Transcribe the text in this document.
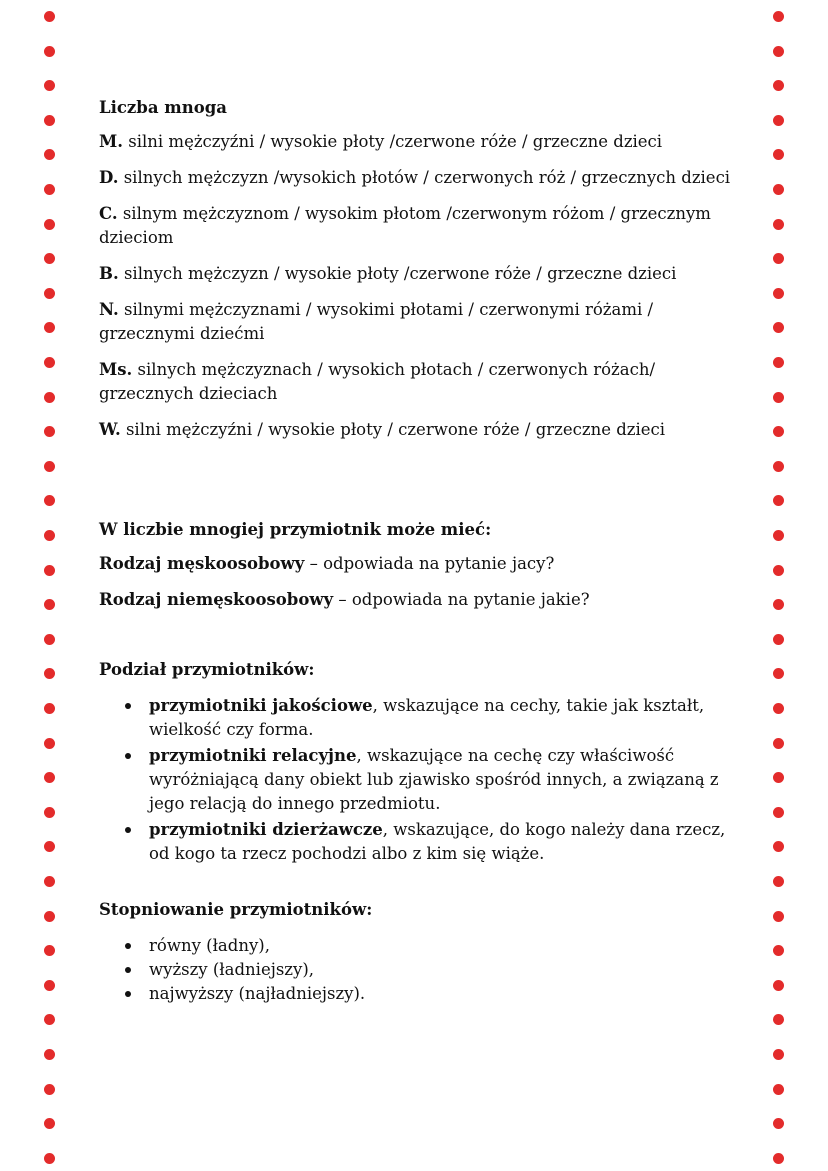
Liczba mnoga

M. silni mężczyźni / wysokie płoty /czerwone róże / grzeczne dzieci

D. silnych mężczyzn /wysokich płotów / czerwonych róż / grzecznych dzieci

C. silnym mężczyznom / wysokim płotom /czerwonym różom / grzecznym dzieciom

B. silnych mężczyzn / wysokie płoty /czerwone róże / grzeczne dzieci

N. silnymi mężczyznami / wysokimi płotami / czerwonymi różami / grzecznymi dziećmi

Ms. silnych mężczyznach / wysokich płotach / czerwonych różach/ grzecznych dzieciach

W. silni mężczyźni / wysokie płoty / czerwone róże / grzeczne dzieci

W liczbie mnogiej przymiotnik może mieć:

Rodzaj męskoosobowy – odpowiada na pytanie jacy?

Rodzaj niemęskoosobowy – odpowiada na pytanie jakie?

Podział przymiotników:

przymiotniki jakościowe, wskazujące na cechy, takie jak kształt, wielkość czy forma.
przymiotniki relacyjne, wskazujące na cechę czy właściwość wyróżniającą dany obiekt lub zjawisko spośród innych, a związaną z jego relacją do innego przedmiotu.
przymiotniki dzierżawcze, wskazujące, do kogo należy dana rzecz, od kogo ta rzecz pochodzi albo z kim się wiąże.

Stopniowanie przymiotników:

równy (ładny),
wyższy (ładniejszy),
najwyższy (najładniejszy).
